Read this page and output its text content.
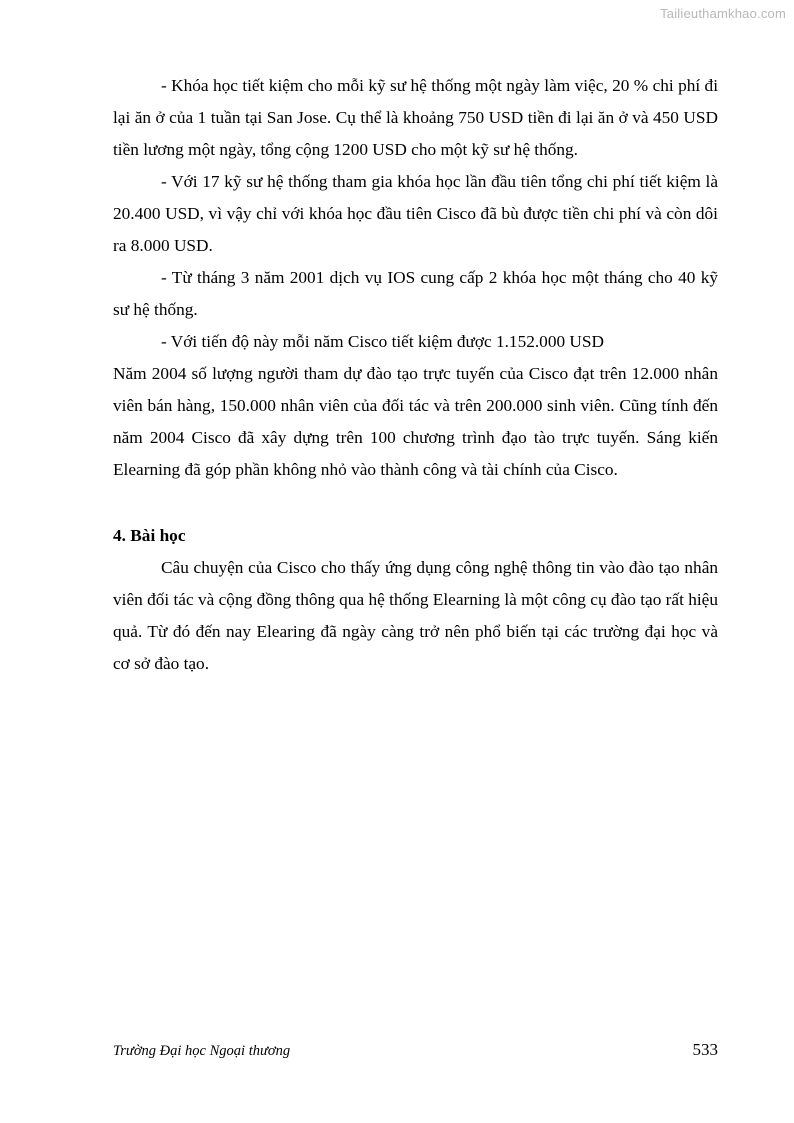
Tailieuthamkhao.com

- Khóa học tiết kiệm cho mỗi kỹ sư hệ thống một ngày làm việc, 20 % chi phí đi lại ăn ở của 1 tuần tại San Jose. Cụ thể là khoảng 750 USD tiền đi lại ăn ở và 450 USD tiền lương một ngày, tổng cộng 1200 USD cho một kỹ sư hệ thống.

- Với 17 kỹ sư hệ thống tham gia khóa học lần đầu tiên tổng chi phí tiết kiệm là 20.400 USD, vì vậy chỉ với khóa học đầu tiên Cisco đã bù được tiền chi phí và còn dôi ra 8.000 USD.

- Từ tháng 3 năm 2001 dịch vụ IOS cung cấp 2 khóa học một tháng cho 40 kỹ sư hệ thống.

- Với tiến độ này mỗi năm Cisco tiết kiệm được 1.152.000 USD

Năm 2004 số lượng người tham dự đào tạo trực tuyến của Cisco đạt trên 12.000 nhân viên bán hàng, 150.000 nhân viên của đối tác và trên 200.000 sinh viên. Cũng tính đến năm 2004 Cisco đã xây dựng trên 100 chương trình đạo tào trực tuyến. Sáng kiến Elearning đã góp phần không nhỏ vào thành công và tài chính của Cisco.

4. Bài học

Câu chuyện của Cisco cho thấy ứng dụng công nghệ thông tin vào đào tạo nhân viên đối tác và cộng đồng thông qua hệ thống Elearning là một công cụ đào tạo rất hiệu quả. Từ đó đến nay Elearing đã ngày càng trở nên phổ biến tại các trường đại học và cơ sở đào tạo.

Trường Đại học Ngoại thương	533
